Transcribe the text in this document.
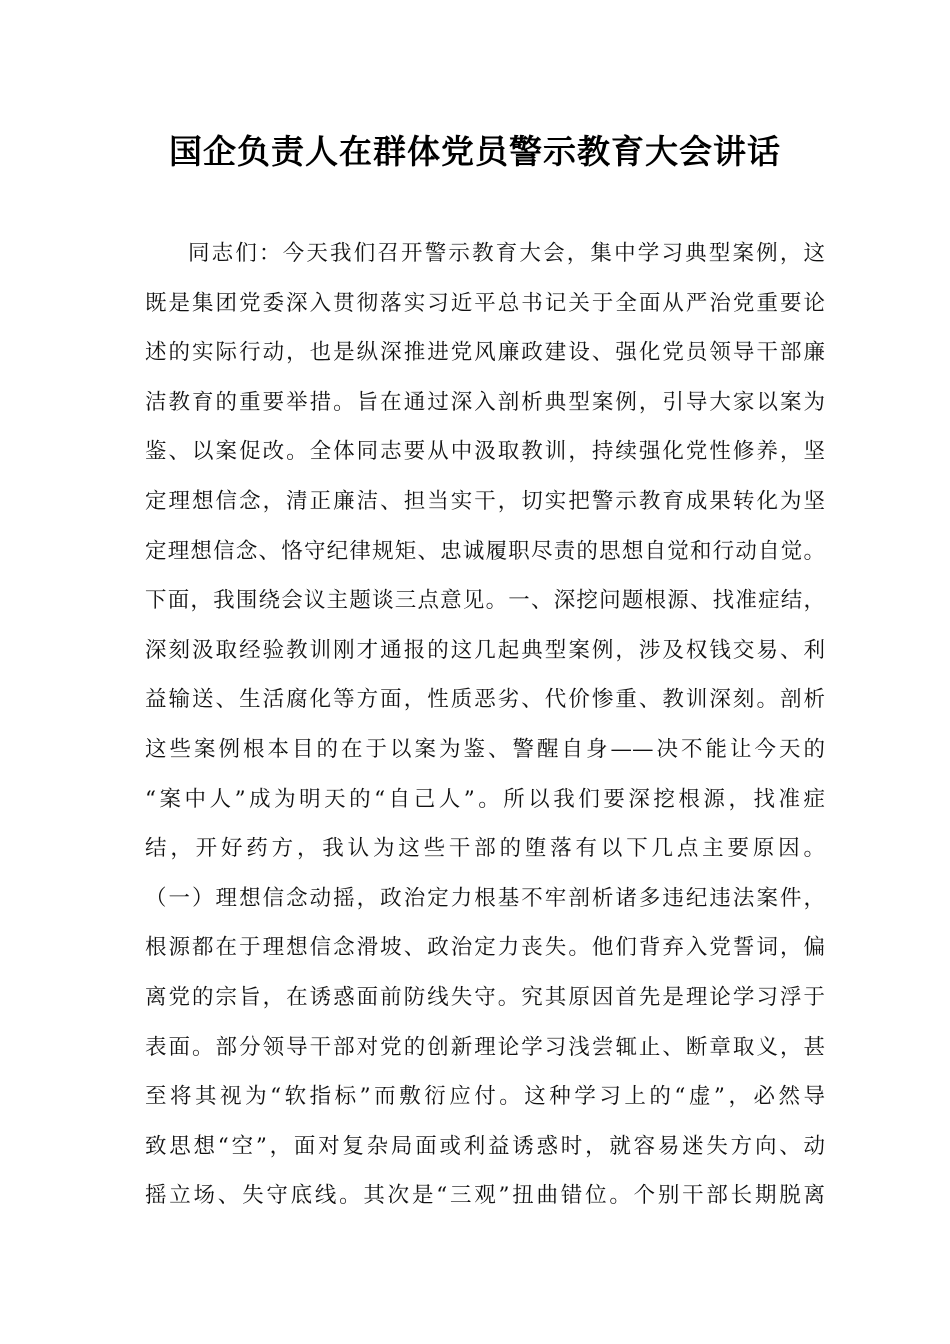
国企负责人在群体党员警示教育大会讲话
同志们：今天我们召开警示教育大会，集中学习典型案例，这
既是集团党委深入贯彻落实习近平总书记关于全面从严治党重要论
述的实际行动，也是纵深推进党风廉政建设、强化党员领导干部廉
洁教育的重要举措。旨在通过深入剖析典型案例，引导大家以案为
鉴、以案促改。全体同志要从中汲取教训，持续强化党性修养，坚
定理想信念，清正廉洁、担当实干，切实把警示教育成果转化为坚
定理想信念、恪守纪律规矩、忠诚履职尽责的思想自觉和行动自觉。
下面，我围绕会议主题谈三点意见。一、深挖问题根源、找准症结，
深刻汲取经验教训刚才通报的这几起典型案例，涉及权钱交易、利
益输送、生活腐化等方面，性质恶劣、代价惨重、教训深刻。剖析
这些案例根本目的在于以案为鉴、警醒自身——决不能让今天的
“案中人”成为明天的“自己人”。所以我们要深挖根源，找准症
结，开好药方，我认为这些干部的堕落有以下几点主要原因。
（一）理想信念动摇，政治定力根基不牢剖析诸多违纪违法案件，
根源都在于理想信念滑坡、政治定力丧失。他们背弃入党誓词，偏
离党的宗旨，在诱惑面前防线失守。究其原因首先是理论学习浮于
表面。部分领导干部对党的创新理论学习浅尝辄止、断章取义，甚
至将其视为“软指标”而敷衍应付。这种学习上的“虚”，必然导
致思想“空”，面对复杂局面或利益诱惑时，就容易迷失方向、动
摇立场、失守底线。其次是“三观”扭曲错位。个别干部长期脱离
